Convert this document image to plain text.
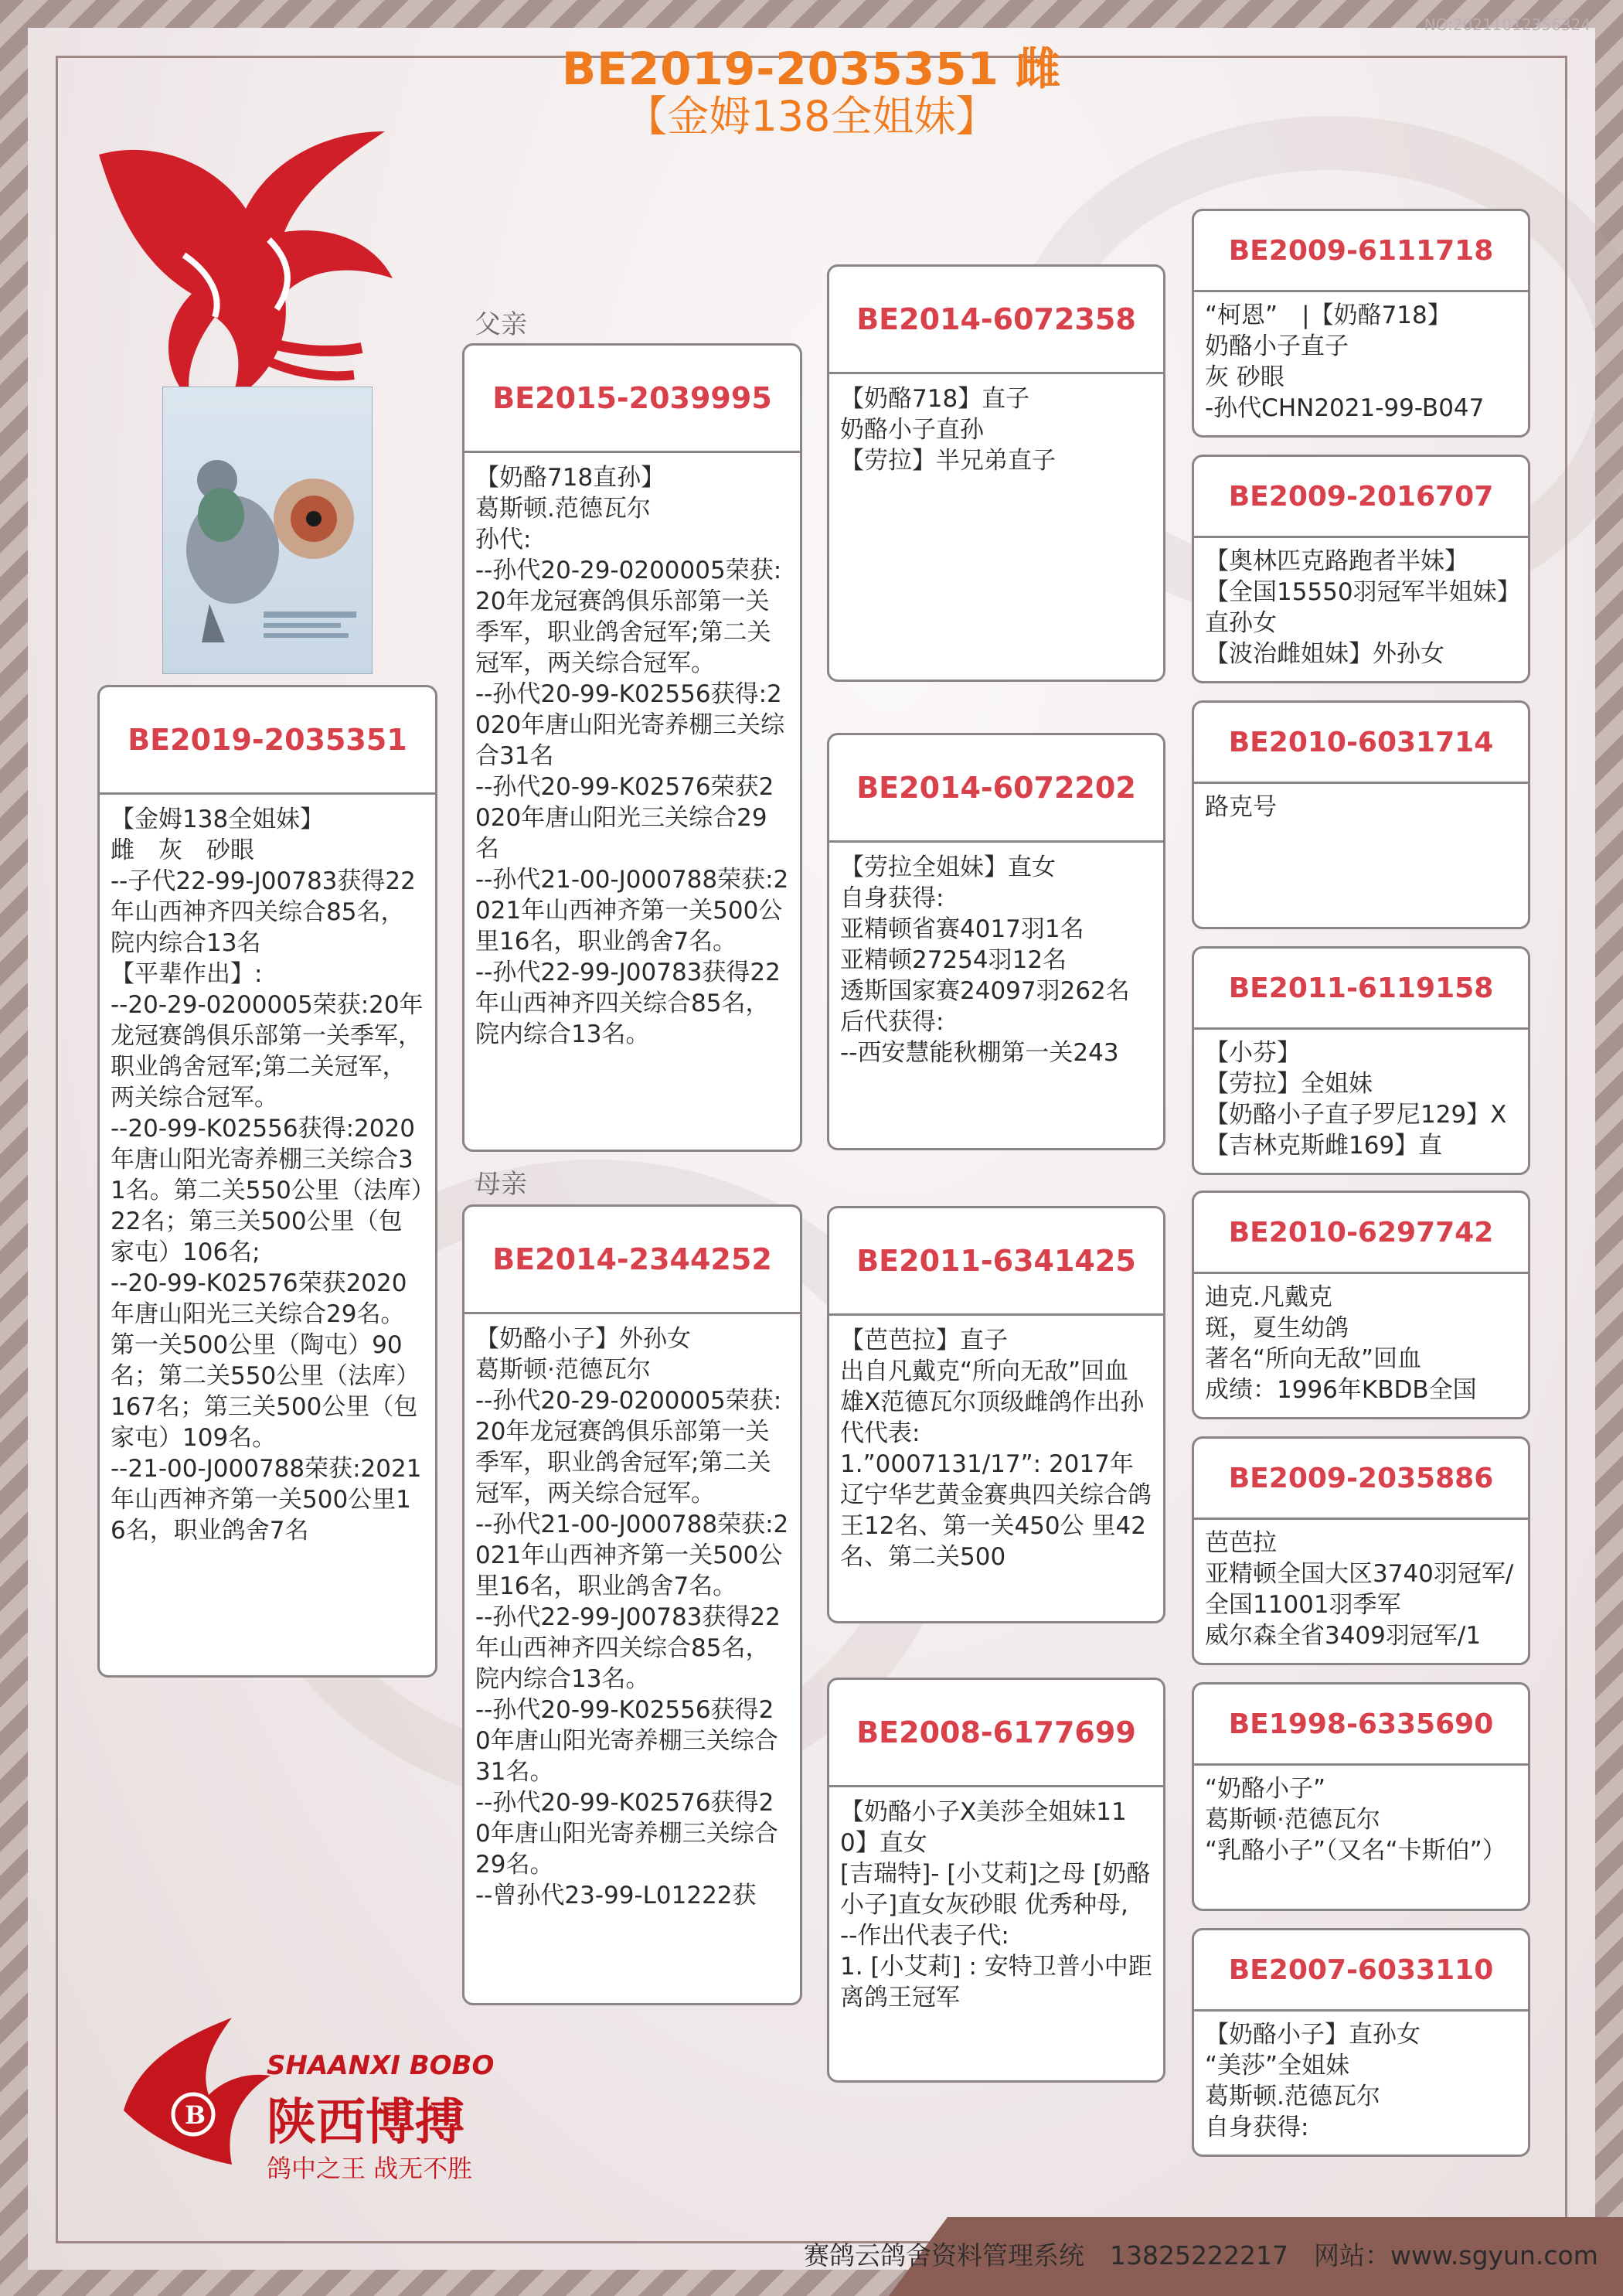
NO:20211012356324
BE2019-2035351 雌
【金姆138全姐妹】
BE2019-2035351
【金姆138全姐妹】
雌　灰　砂眼
--子代22-99-J00783获得22年山西神齐四关综合85名，院内综合13名
【平辈作出】:
--20-29-0200005荣获:20年龙冠赛鸽俱乐部第一关季军，职业鸽舍冠军;第二关冠军，两关综合冠军。
--20-99-K02556获得:2020年唐山阳光寄养棚三关综合31名。第二关550公里（法库）22名；第三关500公里（包家屯）106名;
--20-99-K02576荣获2020年唐山阳光三关综合29名。第一关500公里（陶屯）90名；第二关550公里（法库）167名；第三关500公里（包家屯）109名。
--21-00-J000788荣获:2021年山西神齐第一关500公里16名，职业鸽舍7名
父亲
BE2015-2039995
【奶酪718直孙】
葛斯顿.范德瓦尔
孙代:
--孙代20-29-0200005荣获:20年龙冠赛鸽俱乐部第一关季军，职业鸽舍冠军;第二关冠军，两关综合冠军。
--孙代20-99-K02556获得:2020年唐山阳光寄养棚三关综合31名
--孙代20-99-K02576荣获2020年唐山阳光三关综合29名
--孙代21-00-J000788荣获:2021年山西神齐第一关500公里16名，职业鸽舍7名。
--孙代22-99-J00783获得22年山西神齐四关综合85名，院内综合13名。
母亲
BE2014-2344252
【奶酪小子】外孙女
葛斯顿·范德瓦尔
--孙代20-29-0200005荣获:20年龙冠赛鸽俱乐部第一关季军，职业鸽舍冠军;第二关冠军，两关综合冠军。
--孙代21-00-J000788荣获:2021年山西神齐第一关500公里16名，职业鸽舍7名。
--孙代22-99-J00783获得22年山西神齐四关综合85名，院内综合13名。
--孙代20-99-K02556获得20年唐山阳光寄养棚三关综合31名。
--孙代20-99-K02576获得20年唐山阳光寄养棚三关综合29名。
--曾孙代23-99-L01222获
BE2014-6072358
【奶酪718】直子
奶酪小子直孙
【劳拉】半兄弟直子
BE2014-6072202
【劳拉全姐妹】直女
自身获得:
亚精顿省赛4017羽1名
亚精顿27254羽12名
透斯国家赛24097羽262名
后代获得:
--西安慧能秋棚第一关243
BE2011-6341425
【芭芭拉】直子
出自凡戴克“所向无敌”回血雄X范德瓦尔顶级雌鸽作出孙代代表:
1.”0007131/17”: 2017年辽宁华艺黄金赛典四关综合鸽王12名、第一关450公 里42名、第二关500
BE2008-6177699
【奶酪小子X美莎全姐妹110】直女
[吉瑞特]- [小艾莉]之母 [奶酪小子]直女灰砂眼 优秀种母,
--作出代表子代:
1. [小艾莉] : 安特卫普小中距离鸽王冠军
BE2009-6111718
“柯恩”　|【奶酪718】
奶酪小子直子
灰 砂眼
-孙代CHN2021-99-B047
BE2009-2016707
【奥林匹克路跑者半妹】
【全国15550羽冠军半姐妹】直孙女
【波治雌姐妹】外孙女
BE2010-6031714
路克号
BE2011-6119158
【小芬】
【劳拉】全姐妹
【奶酪小子直子罗尼129】X【吉林克斯雌169】直
BE2010-6297742
迪克.凡戴克
斑，夏生幼鸽
著名“所向无敌”回血
成绩：1996年KBDB全国
BE2009-2035886
芭芭拉
亚精顿全国大区3740羽冠军/全国11001羽季军
威尔森全省3409羽冠军/1
BE1998-6335690
“奶酪小子”
葛斯顿·范德瓦尔
“乳酪小子”（又名“卡斯伯”）
BE2007-6033110
【奶酪小子】直孙女
“美莎”全姐妹
葛斯顿.范德瓦尔
自身获得:
B
SHAANXI BOBO
陕西博搏
鸽中之王 战无不胜
赛鸽云鸽舍资料管理系统　13825222217　网站：www.sgyun.com
